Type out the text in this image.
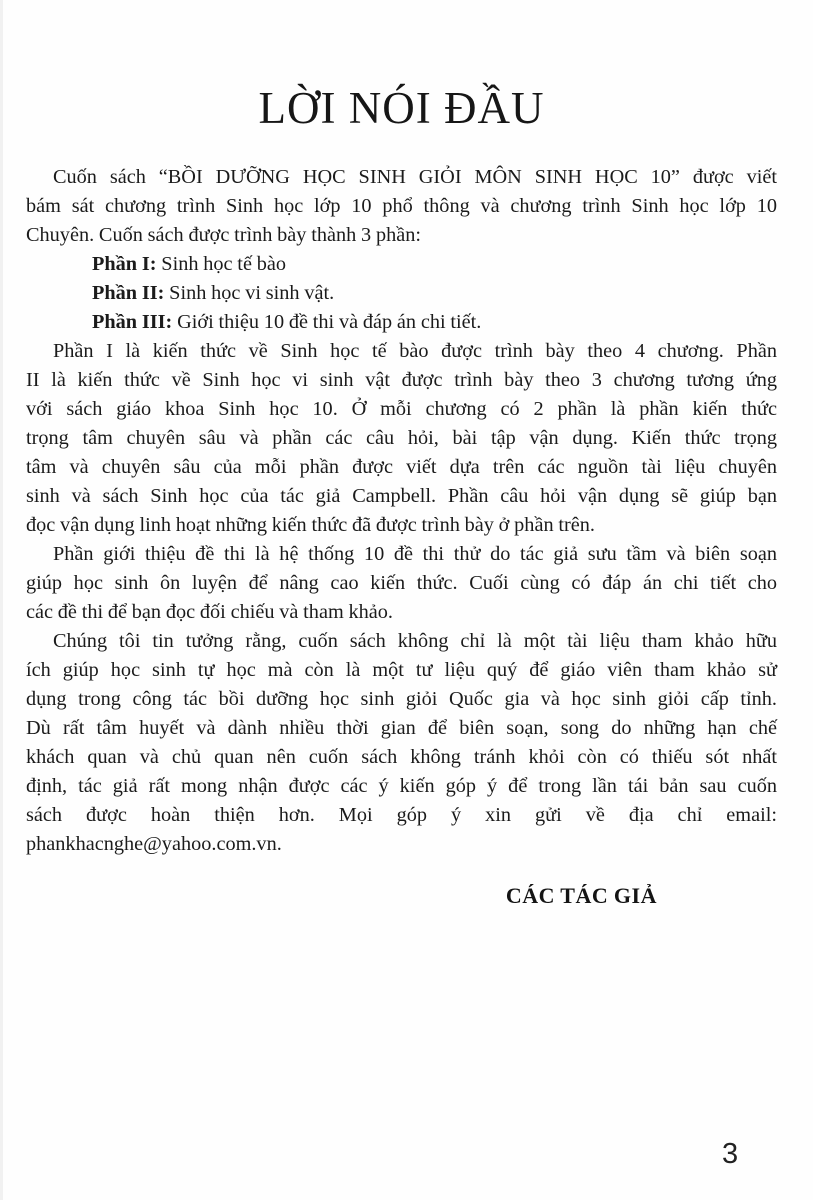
LỜI NÓI ĐẦU
Cuốn sách “BỒI DƯỠNG HỌC SINH GIỎI MÔN SINH HỌC 10” được viết
bám sát chương trình Sinh học lớp 10 phổ thông và chương trình Sinh học lớp 10
Chuyên. Cuốn sách được trình bày thành 3 phần:
Phần I: Sinh học tế bào
Phần II: Sinh học vi sinh vật.
Phần III: Giới thiệu 10 đề thi và đáp án chi tiết.
Phần I là kiến thức về Sinh học tế bào được trình bày theo 4 chương. Phần
II là kiến thức về Sinh học vi sinh vật được trình bày theo 3 chương tương ứng
với sách giáo khoa Sinh học 10. Ở mỗi chương có 2 phần là phần kiến thức
trọng tâm chuyên sâu và phần các câu hỏi, bài tập vận dụng. Kiến thức trọng
tâm và chuyên sâu của mỗi phần được viết dựa trên các nguồn tài liệu chuyên
sinh và sách Sinh học của tác giả Campbell. Phần câu hỏi vận dụng sẽ giúp bạn
đọc vận dụng linh hoạt những kiến thức đã được trình bày ở phần trên.
Phần giới thiệu đề thi là hệ thống 10 đề thi thử do tác giả sưu tầm và biên soạn
giúp học sinh ôn luyện để nâng cao kiến thức. Cuối cùng có đáp án chi tiết cho
các đề thi để bạn đọc đối chiếu và tham khảo.
Chúng tôi tin tưởng rằng, cuốn sách không chỉ là một tài liệu tham khảo hữu
ích giúp học sinh tự học mà còn là một tư liệu quý để giáo viên tham khảo sử
dụng trong công tác bồi dưỡng học sinh giỏi Quốc gia và học sinh giỏi cấp tỉnh.
Dù rất tâm huyết và dành nhiều thời gian để biên soạn, song do những hạn chế
khách quan và chủ quan nên cuốn sách không tránh khỏi còn có thiếu sót nhất
định, tác giả rất mong nhận được các ý kiến góp ý để trong lần tái bản sau cuốn
sách được hoàn thiện hơn. Mọi góp ý xin gửi về địa chỉ email:
phankhacnghe@yahoo.com.vn.
CÁC TÁC GIẢ
3
